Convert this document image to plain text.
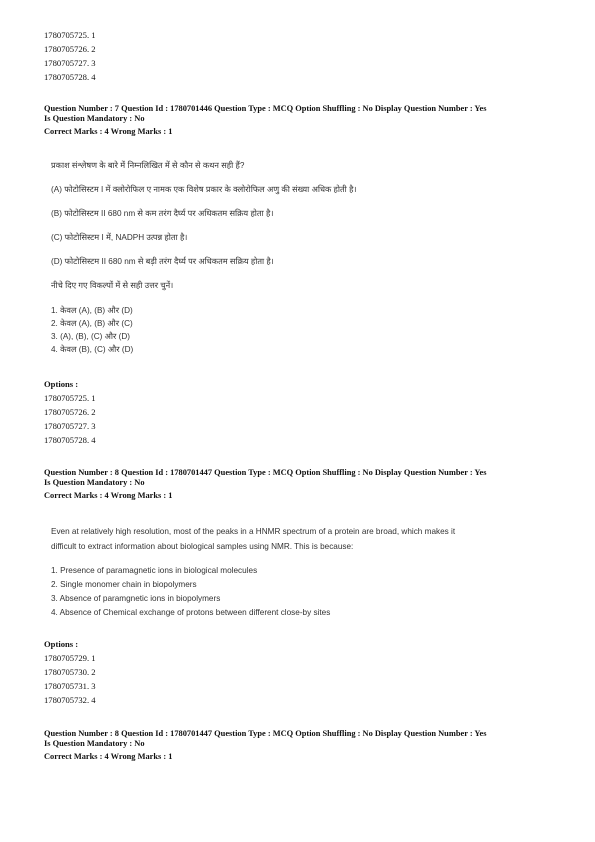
1780705725. 1
1780705726. 2
1780705727. 3
1780705728. 4
Question Number : 7 Question Id : 1780701446 Question Type : MCQ Option Shuffling : No Display Question Number : Yes
Is Question Mandatory : No
Correct Marks : 4 Wrong Marks : 1
प्रकाश संश्लेषण के बारे में निम्नलिखित में से कौन से कथन सही हैं?
(A) फोटोसिस्टम I में क्लोरोफिल ए नामक एक विशेष प्रकार के क्लोरोफिल अणु की संख्या अधिक होती है।
(B) फोटोसिस्टम II 680 nm से कम तरंग दैर्घ्य पर अधिकतम सक्रिय होता है।
(C) फोटोसिस्टम I में, NADPH उत्पन्न होता है।
(D) फोटोसिस्टम II 680 nm से बड़ी तरंग दैर्घ्य पर अधिकतम सक्रिय होता है।
नीचे दिए गए विकल्पों में से सही उत्तर चुनें।
1. केवल (A), (B) और (D)
2. केवल (A), (B) और (C)
3. (A), (B), (C) और (D)
4. केवल (B), (C) और (D)
Options :
1780705725. 1
1780705726. 2
1780705727. 3
1780705728. 4
Question Number : 8 Question Id : 1780701447 Question Type : MCQ Option Shuffling : No Display Question Number : Yes
Is Question Mandatory : No
Correct Marks : 4 Wrong Marks : 1
Even at relatively high resolution, most of the peaks in a HNMR spectrum of a protein are broad, which makes it
difficult to extract information about biological samples using NMR. This is because:
1. Presence of paramagnetic ions in biological molecules
2. Single monomer chain in biopolymers
3. Absence of paramgnetic ions in biopolymers
4. Absence of Chemical exchange of protons between different close-by sites
Options :
1780705729. 1
1780705730. 2
1780705731. 3
1780705732. 4
Question Number : 8 Question Id : 1780701447 Question Type : MCQ Option Shuffling : No Display Question Number : Yes
Is Question Mandatory : No
Correct Marks : 4 Wrong Marks : 1
